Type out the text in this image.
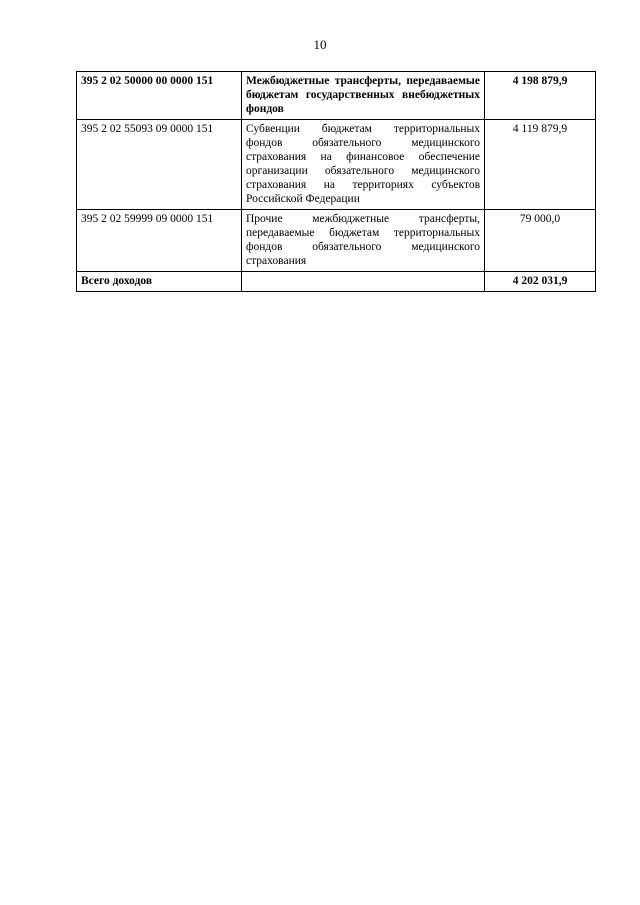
10
395 2 02 50000 00 0000 151	Межбюджетные трансферты, передаваемые бюджетам государственных внебюджетных фондов	4 198 879,9
395 2 02 55093 09 0000 151	Субвенции бюджетам территориальных фондов обязательного медицинского страхования на финансовое обеспечение организации обязательного медицинского страхования на территориях субъектов Российской Федерации	4 119 879,9
395 2 02 59999 09 0000 151	Прочие межбюджетные трансферты, передаваемые бюджетам территориальных фондов обязательного медицинского страхования	79 000,0
Всего доходов		4 202 031,9
